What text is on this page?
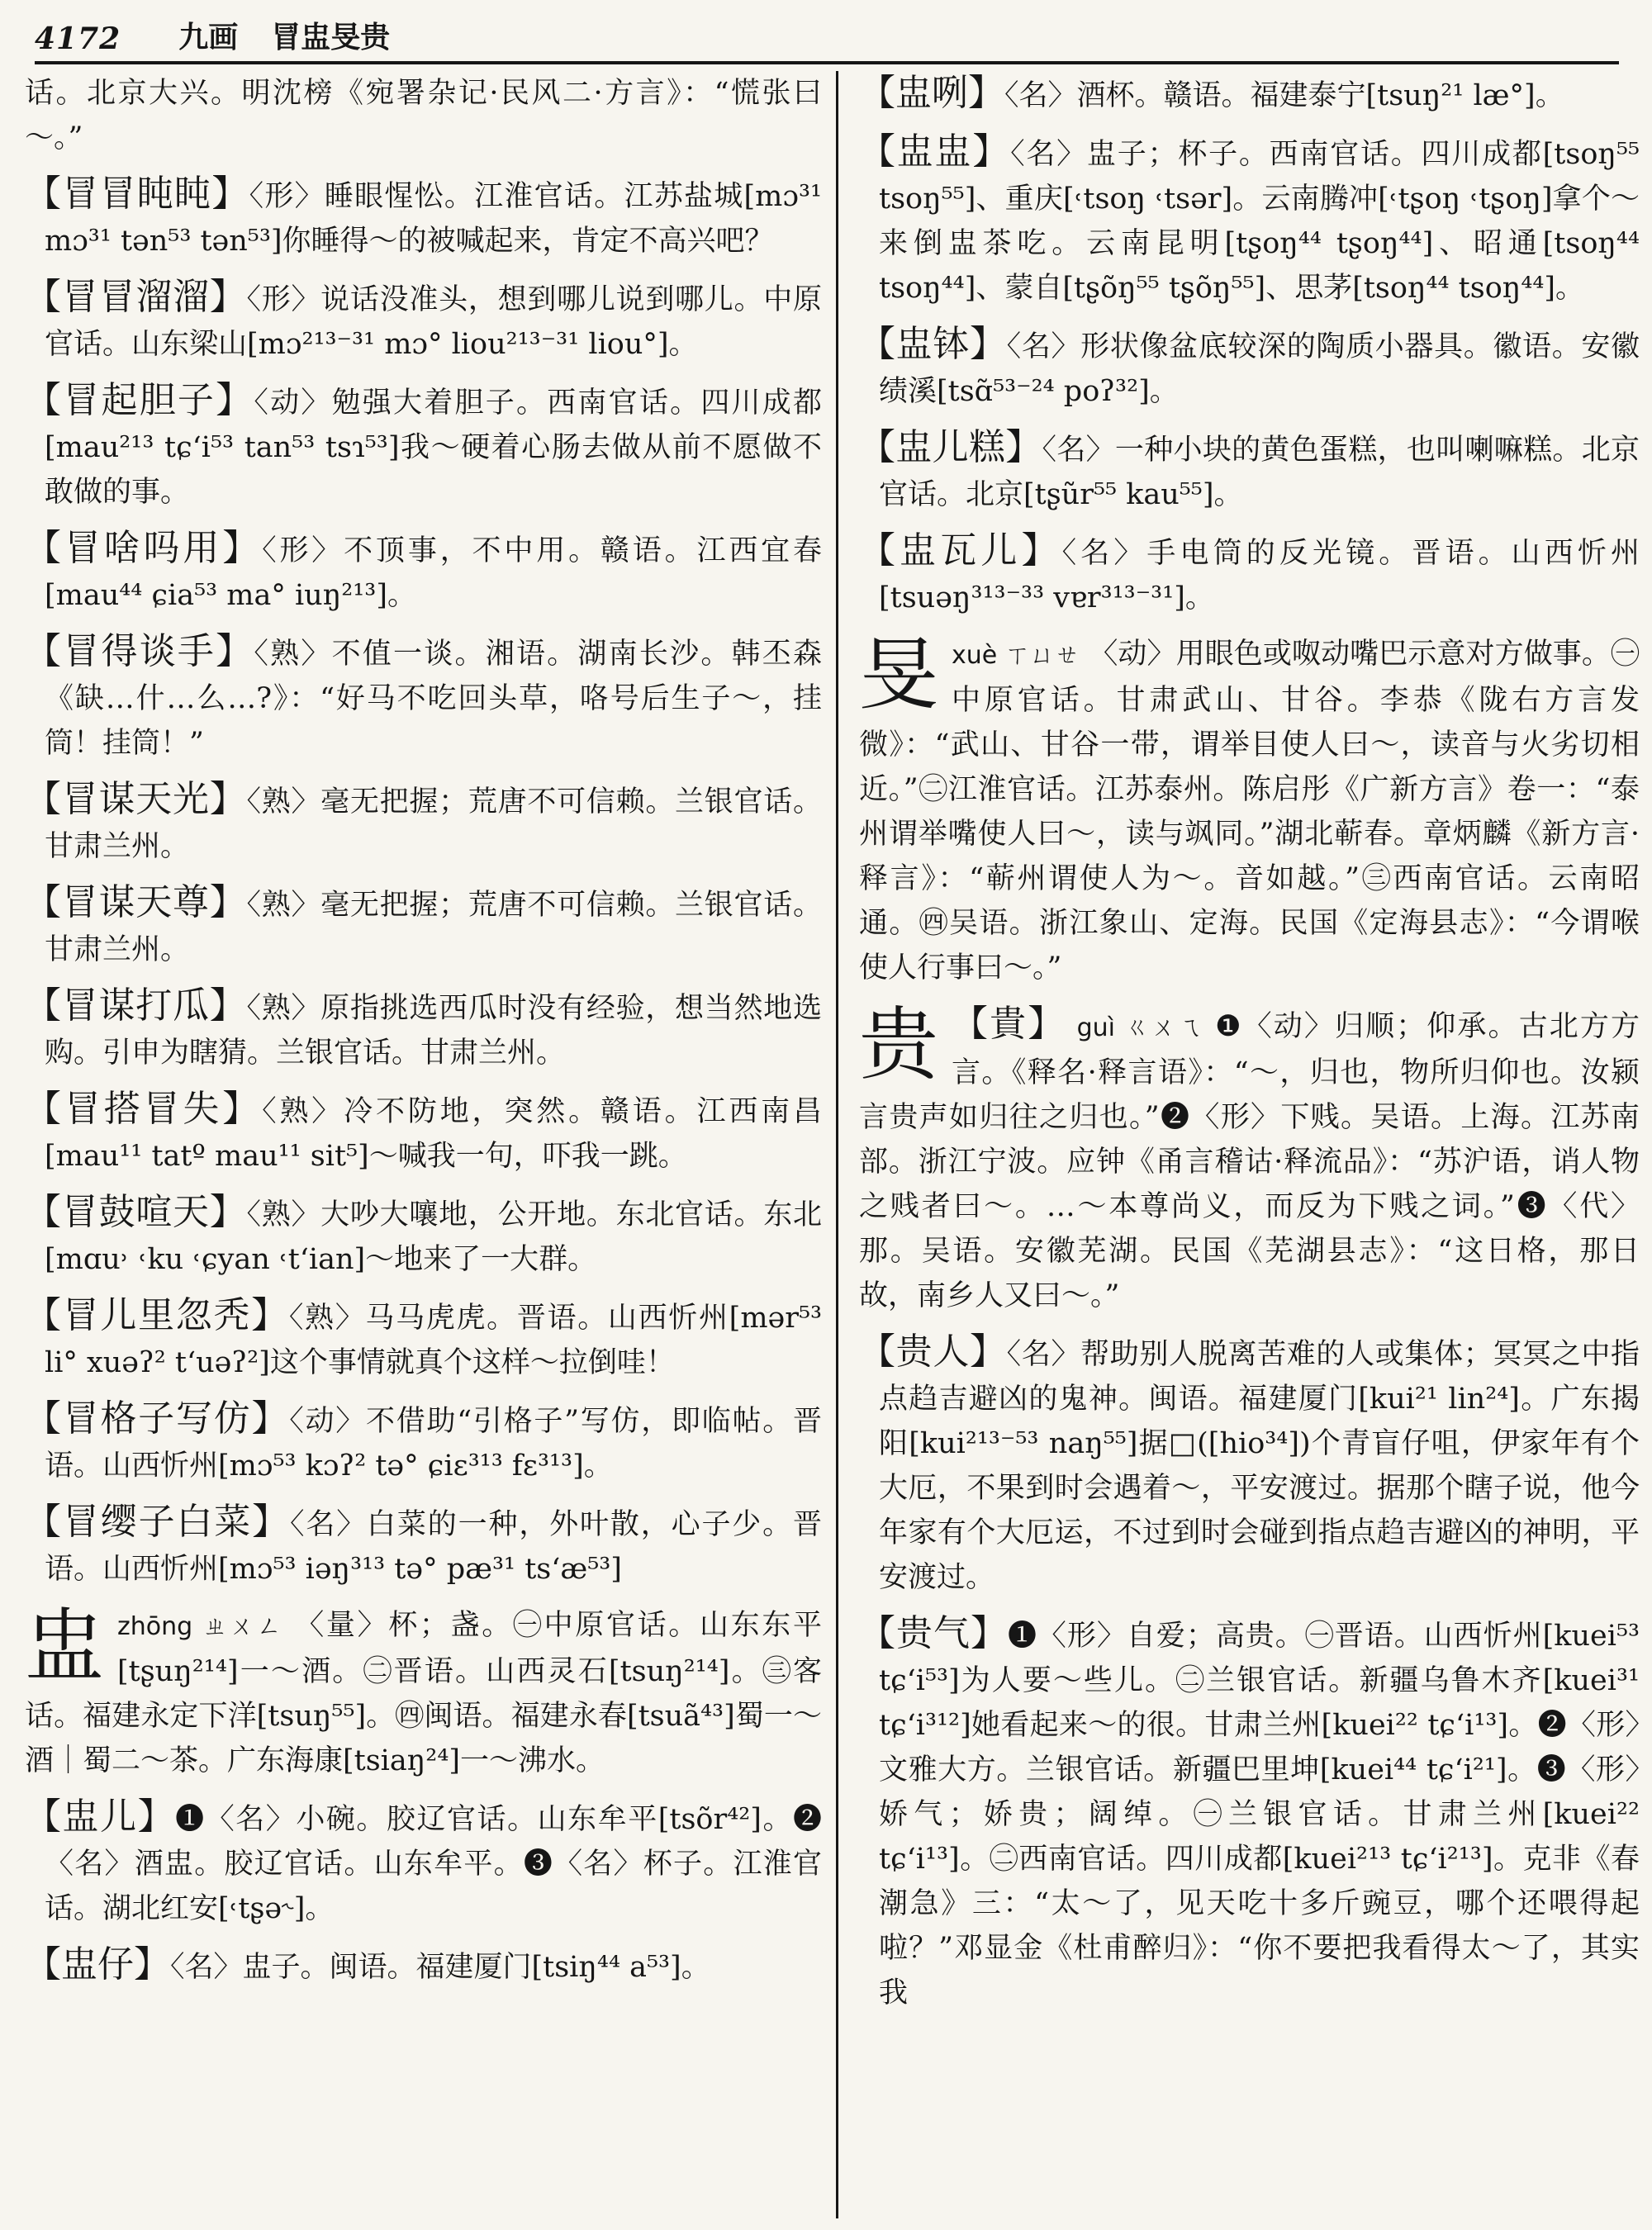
4172 九画 冒盅旻贵

话。北京大兴。明沈榜《宛署杂记·民风二·方言》：“慌张曰～。”

【冒冒盹盹】〈形〉睡眼惺忪。江淮官话。江苏盐城[mɔ³¹ mɔ³¹ tən⁵³ tən⁵³]你睡得～的被喊起来，肯定不高兴吧？

【冒冒溜溜】〈形〉说话没准头，想到哪儿说到哪儿。中原官话。山东梁山[mɔ²¹³⁻³¹ mɔ° liou²¹³⁻³¹ liou°]。

【冒起胆子】〈动〉勉强大着胆子。西南官话。四川成都[mau²¹³ tɕʻi⁵³ tan⁵³ tsɿ⁵³]我～硬着心肠去做从前不愿做不敢做的事。

【冒啥吗用】〈形〉不顶事，不中用。赣语。江西宜春[mau⁴⁴ ɕia⁵³ ma° iuŋ²¹³]。

【冒得谈手】〈熟〉不值一谈。湘语。湖南长沙。韩丕森《缺…什…么…?》：“好马不吃回头草，咯号后生子～，挂筒！挂筒！”

【冒谋天光】〈熟〉毫无把握；荒唐不可信赖。兰银官话。甘肃兰州。

【冒谋天尊】〈熟〉毫无把握；荒唐不可信赖。兰银官话。甘肃兰州。

【冒谋打瓜】〈熟〉原指挑选西瓜时没有经验，想当然地选购。引申为瞎猜。兰银官话。甘肃兰州。

【冒搭冒失】〈熟〉冷不防地，突然。赣语。江西南昌[mau¹¹ tatº mau¹¹ sit⁵]～喊我一句，吓我一跳。

【冒鼓喧天】〈熟〉大吵大嚷地，公开地。东北官话。东北[mɑu˒ ˓ku ˓ɕyan ˓tʻian]～地来了一大群。

【冒儿里忽秃】〈熟〉马马虎虎。晋语。山西忻州[mər⁵³ li° xuəʔ² tʻuəʔ²]这个事情就真个这样～拉倒哇！

【冒格子写仿】〈动〉不借助“引格子”写仿，即临帖。晋语。山西忻州[mɔ⁵³ kɔʔ² tə° ɕiɛ³¹³ fɛ³¹³]。

【冒缨子白菜】〈名〉白菜的一种，外叶散，心子少。晋语。山西忻州[mɔ⁵³ iəŋ³¹³ tə° pæ³¹ tsʻæ⁵³]

盅 zhōng ㄓㄨㄥ 〈量〉杯；盏。㊀中原官话。山东东平[tʂuŋ²¹⁴]一～酒。㊁晋语。山西灵石[tsuŋ²¹⁴]。㊂客话。福建永定下洋[tsuŋ⁵⁵]。㊃闽语。福建永春[tsuã⁴³]蜀一～酒｜蜀二～茶。广东海康[tsiaŋ²⁴]一～沸水。

【盅儿】❶〈名〉小碗。胶辽官话。山东牟平[tsõr⁴²]。❷〈名〉酒盅。胶辽官话。山东牟平。❸〈名〉杯子。江淮官话。湖北红安[˓tʂə˞]。

【盅仔】〈名〉盅子。闽语。福建厦门[tsiŋ⁴⁴ a⁵³]。

【盅咧】〈名〉酒杯。赣语。福建泰宁[tsuŋ²¹ læ°]。

【盅盅】〈名〉盅子；杯子。西南官话。四川成都[tsoŋ⁵⁵ tsoŋ⁵⁵]、重庆[˓tsoŋ ˓tsər]。云南腾冲[˓tʂoŋ ˓tʂoŋ]拿个～来倒盅茶吃。云南昆明[tʂoŋ⁴⁴ tʂoŋ⁴⁴]、昭通[tsoŋ⁴⁴ tsoŋ⁴⁴]、蒙自[tʂõŋ⁵⁵ tʂõŋ⁵⁵]、思茅[tsoŋ⁴⁴ tsoŋ⁴⁴]。

【盅钵】〈名〉形状像盆底较深的陶质小器具。徽语。安徽绩溪[tsɑ̃⁵³⁻²⁴ poʔ³²]。

【盅儿糕】〈名〉一种小块的黄色蛋糕，也叫喇嘛糕。北京官话。北京[tʂũr⁵⁵ kau⁵⁵]。

【盅瓦儿】〈名〉手电筒的反光镜。晋语。山西忻州[tsuəŋ³¹³⁻³³ vɐr³¹³⁻³¹]。

旻 xuè ㄒㄩㄝ 〈动〉用眼色或呶动嘴巴示意对方做事。㊀中原官话。甘肃武山、甘谷。李恭《陇右方言发微》：“武山、甘谷一带，谓举目使人曰～，读音与火劣切相近。”㊁江淮官话。江苏泰州。陈启彤《广新方言》卷一：“泰州谓举嘴使人曰～，读与飒同。”湖北蕲春。章炳麟《新方言·释言》：“蕲州谓使人为～。音如越。”㊂西南官话。云南昭通。㊃吴语。浙江象山、定海。民国《定海县志》：“今谓喉使人行事曰～。”
贵 【貴】 guì ㄍㄨㄟ ❶〈动〉归顺；仰承。古北方方言。《释名·释言语》：“～，归也，物所归仰也。汝颍言贵声如归往之归也。”❷〈形〉下贱。吴语。上海。江苏南部。浙江宁波。应钟《甬言稽诂·释流品》：“苏沪语，诮人物之贱者曰～。…～本尊尚义，而反为下贱之词。”❸〈代〉那。吴语。安徽芜湖。民国《芜湖县志》：“这日格，那日故，南乡人又曰～。”

【贵人】〈名〉帮助别人脱离苦难的人或集体；冥冥之中指点趋吉避凶的鬼神。闽语。福建厦门[kui²¹ lin²⁴]。广东揭阳[kui²¹³⁻⁵³ naŋ⁵⁵]据□([hio³⁴])个青盲仔咀，伊家年有个大厄，不果到时会遇着～，平安渡过。据那个瞎子说，他今年家有个大厄运，不过到时会碰到指点趋吉避凶的神明，平安渡过。

【贵气】❶〈形〉自爱；高贵。㊀晋语。山西忻州[kuei⁵³ tɕʻi⁵³]为人要～些儿。㊁兰银官话。新疆乌鲁木齐[kuei³¹ tɕʻi³¹²]她看起来～的很。甘肃兰州[kuei²² tɕʻi¹³]。❷〈形〉文雅大方。兰银官话。新疆巴里坤[kuei⁴⁴ tɕʻi²¹]。❸〈形〉娇气；娇贵；阔绰。㊀兰银官话。甘肃兰州[kuei²² tɕʻi¹³]。㊁西南官话。四川成都[kuei²¹³ tɕʻi²¹³]。克非《春潮急》三：“太～了，见天吃十多斤豌豆，哪个还喂得起啦？”邓显金《杜甫醉归》：“你不要把我看得太～了，其实我
